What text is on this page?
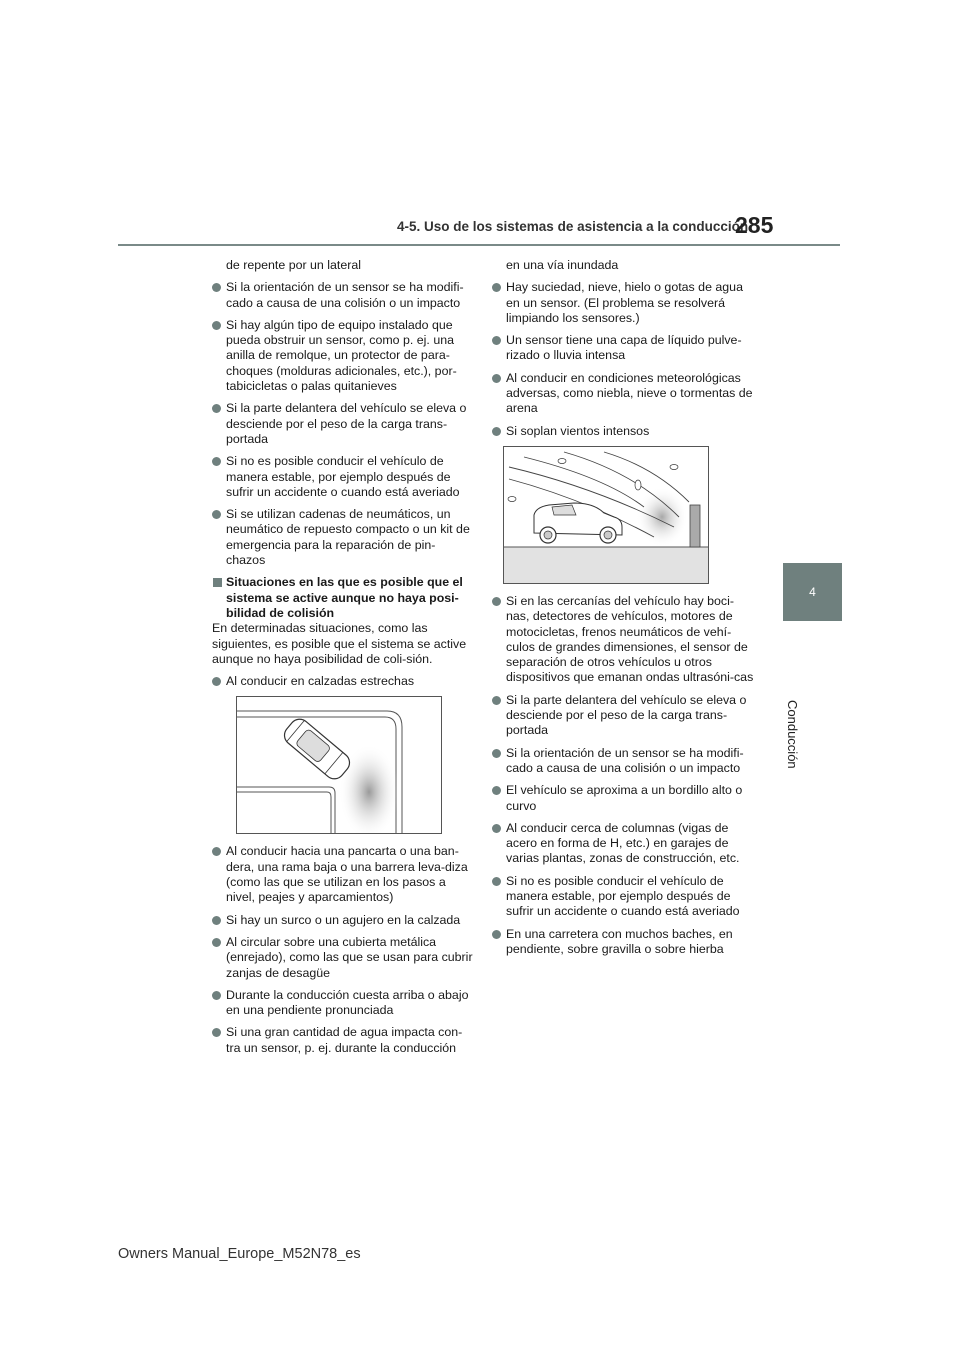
4-5. Uso de los sistemas de asistencia a la conducción
285
4
Conducción
de repente por un lateral
Si la orientación de un sensor se ha modifi-cado a causa de una colisión o un impacto
Si hay algún tipo de equipo instalado que pueda obstruir un sensor, como p. ej. una anilla de remolque, un protector de para-choques (molduras adicionales, etc.), por-tabicicletas o palas quitanieves
Si la parte delantera del vehículo se eleva o desciende por el peso de la carga trans-portada
Si no es posible conducir el vehículo de manera estable, por ejemplo después de sufrir un accidente o cuando está averiado
Si se utilizan cadenas de neumáticos, un neumático de repuesto compacto o un kit de emergencia para la reparación de pin-chazos
Situaciones en las que es posible que el sistema se active aunque no haya posi-bilidad de colisión

En determinadas situaciones, como las siguientes, es posible que el sistema se active aunque no haya posibilidad de coli-sión.

Al conducir en calzadas estrechas
Al conducir hacia una pancarta o una ban-dera, una rama baja o una barrera leva-diza (como las que se utilizan en los pasos a nivel, peajes y aparcamientos)
Si hay un surco o un agujero en la calzada
Al circular sobre una cubierta metálica (enrejado), como las que se usan para cubrir zanjas de desagüe
Durante la conducción cuesta arriba o abajo en una pendiente pronunciada
Si una gran cantidad de agua impacta con-tra un sensor, p. ej. durante la conducción
en una vía inundada
Hay suciedad, nieve, hielo o gotas de agua en un sensor. (El problema se resolverá limpiando los sensores.)
Un sensor tiene una capa de líquido pulve-rizado o lluvia intensa
Al conducir en condiciones meteorológicas adversas, como niebla, nieve o tormentas de arena
Si soplan vientos intensos
Si en las cercanías del vehículo hay boci-nas, detectores de vehículos, motores de motocicletas, frenos neumáticos de vehí-culos de grandes dimensiones, el sensor de separación de otros vehículos u otros dispositivos que emanan ondas ultrasóni-cas
Si la parte delantera del vehículo se eleva o desciende por el peso de la carga trans-portada
Si la orientación de un sensor se ha modifi-cado a causa de una colisión o un impacto
El vehículo se aproxima a un bordillo alto o curvo
Al conducir cerca de columnas (vigas de acero en forma de H, etc.) en garajes de varias plantas, zonas de construcción, etc.
Si no es posible conducir el vehículo de manera estable, por ejemplo después de sufrir un accidente o cuando está averiado
En una carretera con muchos baches, en pendiente, sobre gravilla o sobre hierba
Owners Manual_Europe_M52N78_es
